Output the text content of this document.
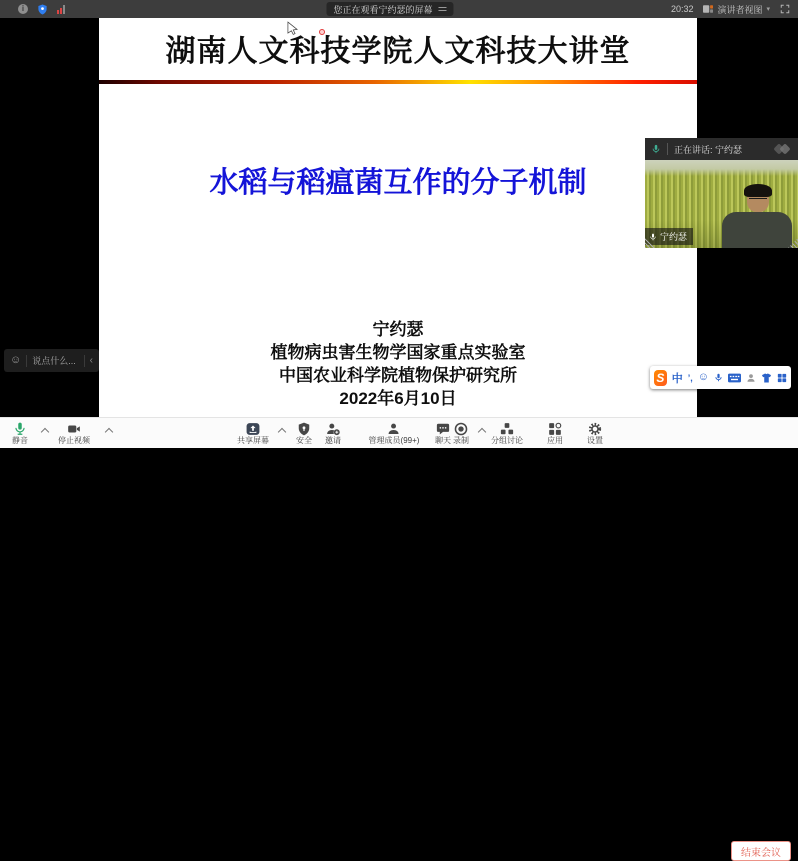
i	您正在观看宁约瑟的屏幕	20:32	演讲者视图 ▾
湖南人文科技学院人文科技大讲堂
水稻与稻瘟菌互作的分子机制
宁约瑟
植物病虫害生物学国家重点实验室
中国农业科学院植物保护研究所
2022年6月10日
正在讲话: 宁约瑟
宁约瑟
☺ 说点什么... ‹
S 中 ’, ☺
静音	停止视频	共享屏幕	安全 邀请	管理成员(99+) 聊天 录制	分组讨论	应用	设置
结束会议
